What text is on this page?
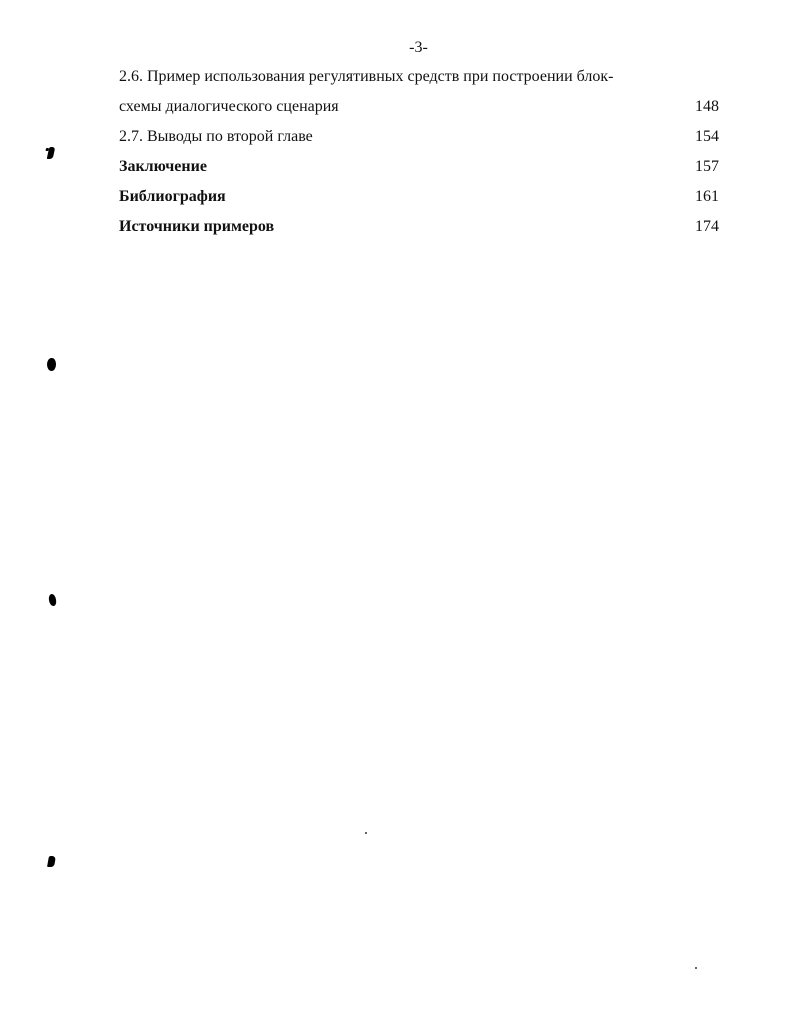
-3-
2.6. Пример использования регулятивных средств при построении блок-
схемы диалогического сценария	148
2.7. Выводы по второй главе	154
Заключение	157
Библиография	161
Источники примеров	174
